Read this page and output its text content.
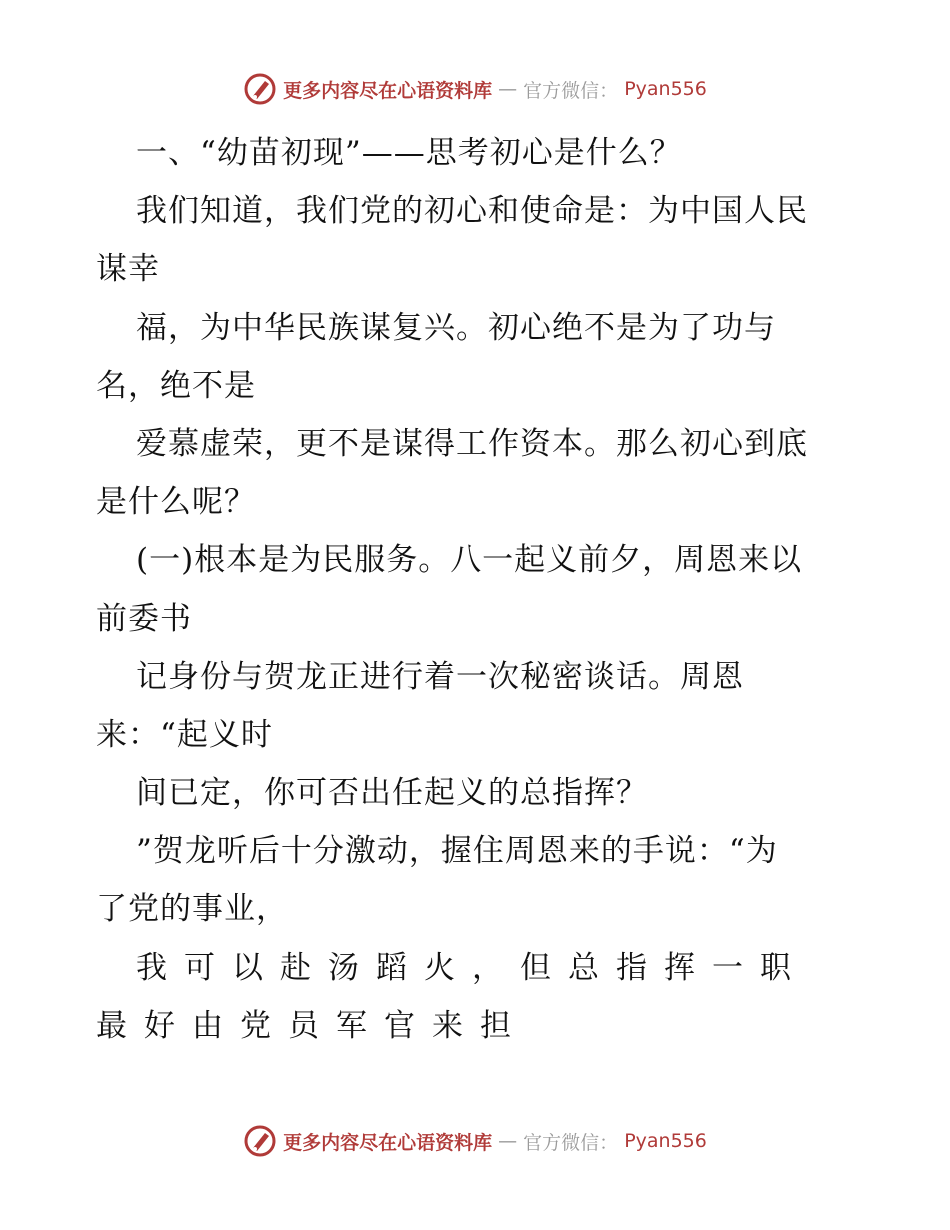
更多内容尽在心语资料库 — 官方微信： Pyan556
一、“幼苗初现”——思考初心是什么？
我们知道，我们党的初心和使命是：为中国人民
谋幸
福，为中华民族谋复兴。初心绝不是为了功与
名，绝不是
爱慕虚荣，更不是谋得工作资本。那么初心到底
是什么呢？
(一)根本是为民服务。八一起义前夕，周恩来以
前委书
记身份与贺龙正进行着一次秘密谈话。周恩
来：“起义时
间已定，你可否出任起义的总指挥？
”贺龙听后十分激动，握住周恩来的手说：“为
了党的事业，
我可以赴汤蹈火，但总指挥一职
最好由党员军官来担
更多内容尽在心语资料库 — 官方微信： Pyan556
